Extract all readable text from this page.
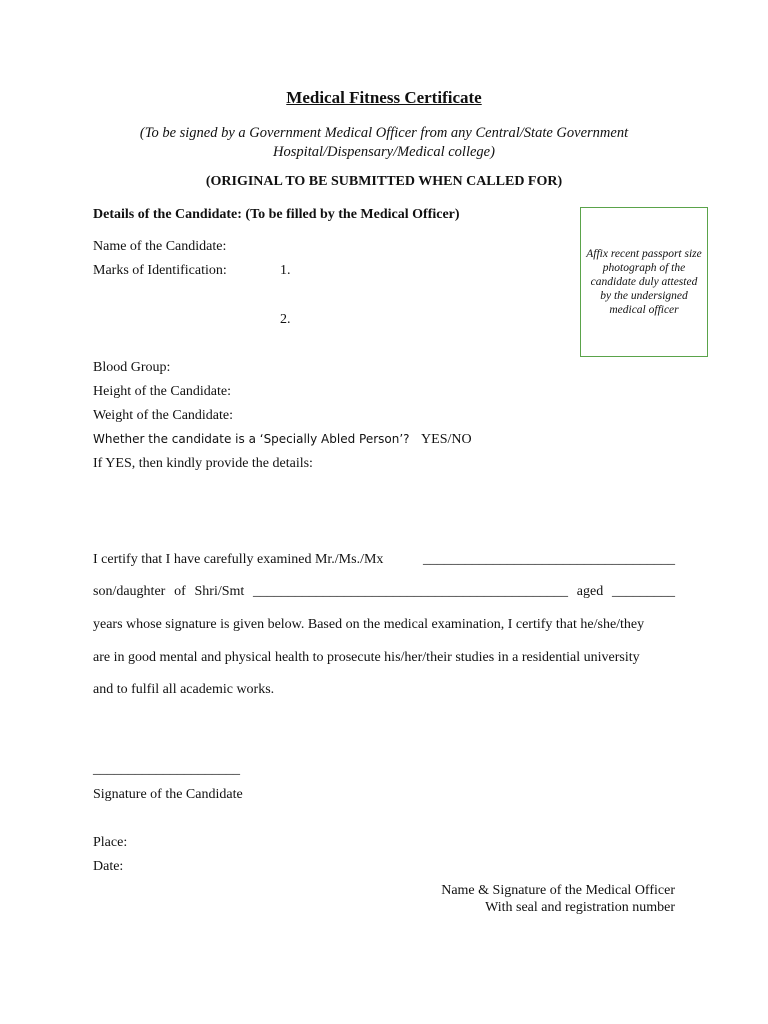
Medical Fitness Certificate
(To be signed by a Government Medical Officer from any Central/State Government Hospital/Dispensary/Medical college)
(ORIGINAL TO BE SUBMITTED WHEN CALLED FOR)
Details of the Candidate: (To be filled by the Medical Officer)
Affix recent passport size photograph of the candidate duly attested by the undersigned medical officer
Name of the Candidate:
Marks of Identification:	1.
2.
Blood Group:
Height of the Candidate:
Weight of the Candidate:
Whether the candidate is a ‘Specially Abled Person’? YES/NO
If YES, then kindly provide the details:
I certify that I have carefully examined Mr./Ms./Mx	____________________________________
son/daughter of Shri/Smt _____________________________________________ aged _________
years whose signature is given below. Based on the medical examination, I certify that he/she/they
are in good mental and physical health to prosecute his/her/their studies in a residential university
and to fulfil all academic works.
_____________________
Signature of the Candidate
Place:
Date:
Name & Signature of the Medical Officer
With seal and registration number
